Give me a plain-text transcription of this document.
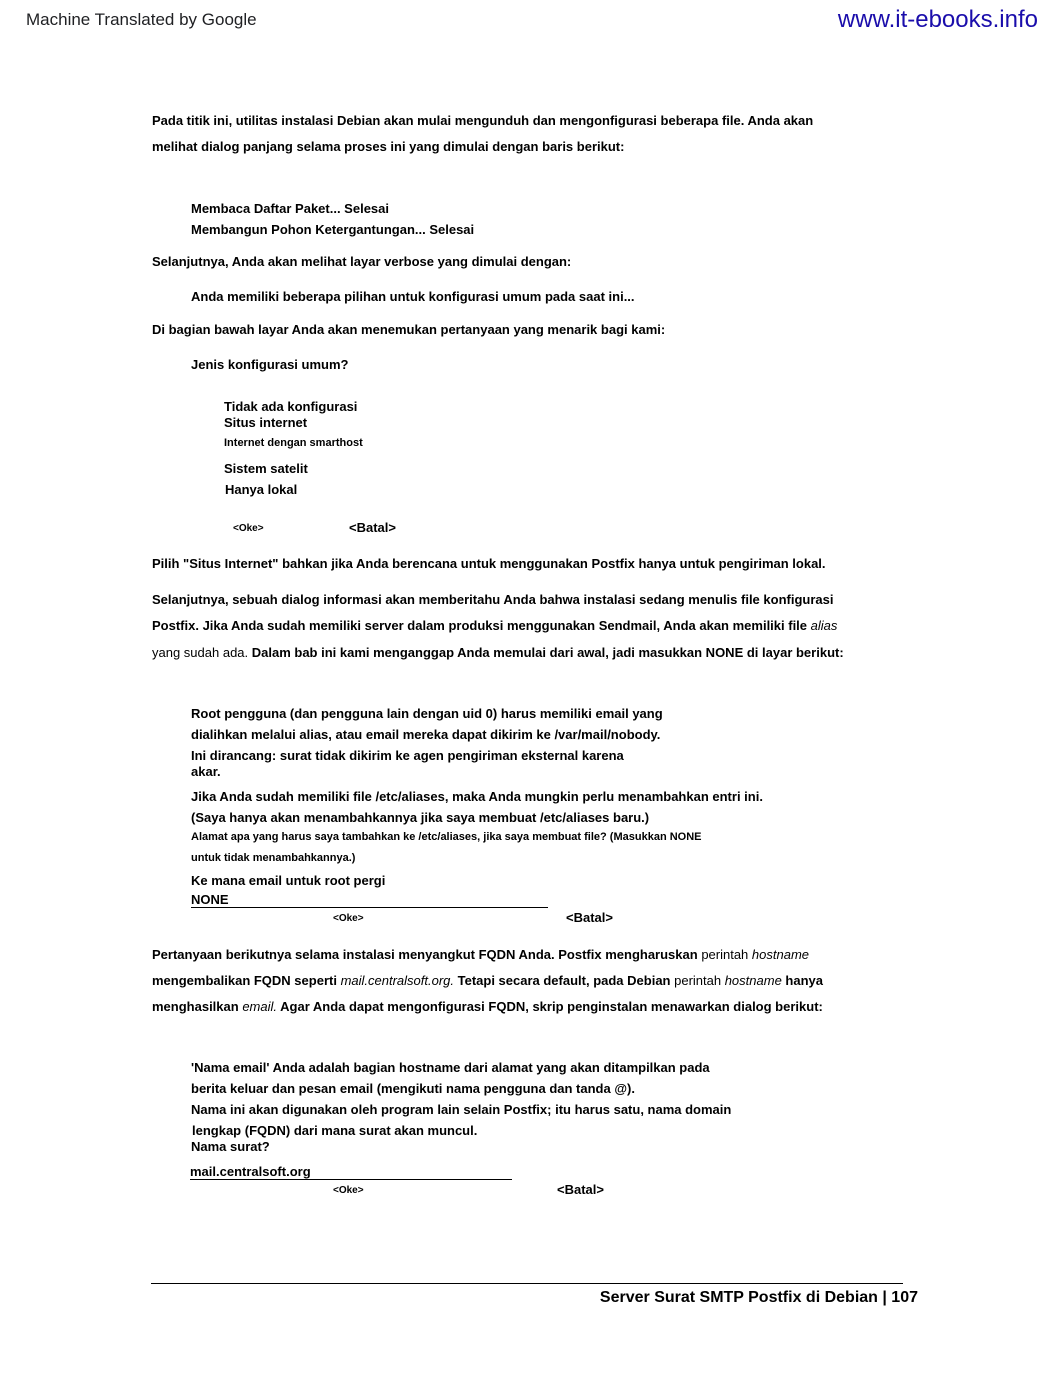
Machine Translated by Google	www.it-ebooks.info
Pada titik ini, utilitas instalasi Debian akan mulai mengunduh dan mengonfigurasi beberapa file. Anda akan
melihat dialog panjang selama proses ini yang dimulai dengan baris berikut:
Membaca Daftar Paket... Selesai
Membangun Pohon Ketergantungan... Selesai
Selanjutnya, Anda akan melihat layar verbose yang dimulai dengan:
Anda memiliki beberapa pilihan untuk konfigurasi umum pada saat ini...
Di bagian bawah layar Anda akan menemukan pertanyaan yang menarik bagi kami:
Jenis konfigurasi umum?
Tidak ada konfigurasi
Situs internet
Internet dengan smarthost
Sistem satelit
Hanya lokal
<Oke>	<Batal>
Pilih "Situs Internet" bahkan jika Anda berencana untuk menggunakan Postfix hanya untuk pengiriman lokal.
Selanjutnya, sebuah dialog informasi akan memberitahu Anda bahwa instalasi sedang menulis file konfigurasi
Postfix. Jika Anda sudah memiliki server dalam produksi menggunakan Sendmail, Anda akan memiliki file alias
yang sudah ada. Dalam bab ini kami menganggap Anda memulai dari awal, jadi masukkan NONE di layar berikut:
Root pengguna (dan pengguna lain dengan uid 0) harus memiliki email yang
dialihkan melalui alias, atau email mereka dapat dikirim ke /var/mail/nobody.
Ini dirancang: surat tidak dikirim ke agen pengiriman eksternal karena
akar.
Jika Anda sudah memiliki file /etc/aliases, maka Anda mungkin perlu menambahkan entri ini.
(Saya hanya akan menambahkannya jika saya membuat /etc/aliases baru.)
Alamat apa yang harus saya tambahkan ke /etc/aliases, jika saya membuat file? (Masukkan NONE
untuk tidak menambahkannya.)
Ke mana email untuk root pergi
NONE
<Oke>	<Batal>
Pertanyaan berikutnya selama instalasi menyangkut FQDN Anda. Postfix mengharuskan perintah hostname
mengembalikan FQDN seperti mail.centralsoft.org. Tetapi secara default, pada Debian perintah hostname hanya
menghasilkan email. Agar Anda dapat mengonfigurasi FQDN, skrip penginstalan menawarkan dialog berikut:
'Nama email' Anda adalah bagian hostname dari alamat yang akan ditampilkan pada
berita keluar dan pesan email (mengikuti nama pengguna dan tanda @).
Nama ini akan digunakan oleh program lain selain Postfix; itu harus satu, nama domain
lengkap (FQDN) dari mana surat akan muncul.
Nama surat?
mail.centralsoft.org
<Oke>	<Batal>
Server Surat SMTP Postfix di Debian | 107
